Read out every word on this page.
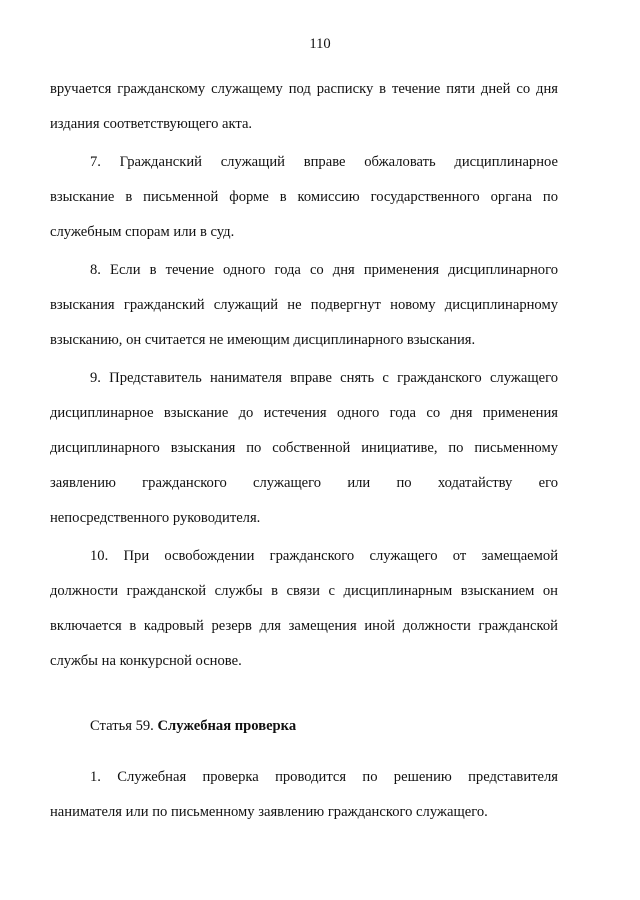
110
вручается гражданскому служащему под расписку в течение пяти дней со дня
издания соответствующего акта.
7. Гражданский служащий вправе обжаловать дисциплинарное
взыскание в письменной форме в комиссию государственного органа по
служебным спорам или в суд.
8. Если в течение одного года со дня применения дисциплинарного
взыскания гражданский служащий не подвергнут новому дисциплинарному
взысканию, он считается не имеющим дисциплинарного взыскания.
9. Представитель нанимателя вправе снять с гражданского служащего
дисциплинарное взыскание до истечения одного года со дня применения
дисциплинарного взыскания по собственной инициативе, по письменному
заявлению гражданского служащего или по ходатайству его
непосредственного руководителя.
10. При освобождении гражданского служащего от замещаемой
должности гражданской службы в связи с дисциплинарным взысканием он
включается в кадровый резерв для замещения иной должности гражданской
службы на конкурсной основе.
Статья 59. Служебная проверка
1. Служебная проверка проводится по решению представителя
нанимателя или по письменному заявлению гражданского служащего.
